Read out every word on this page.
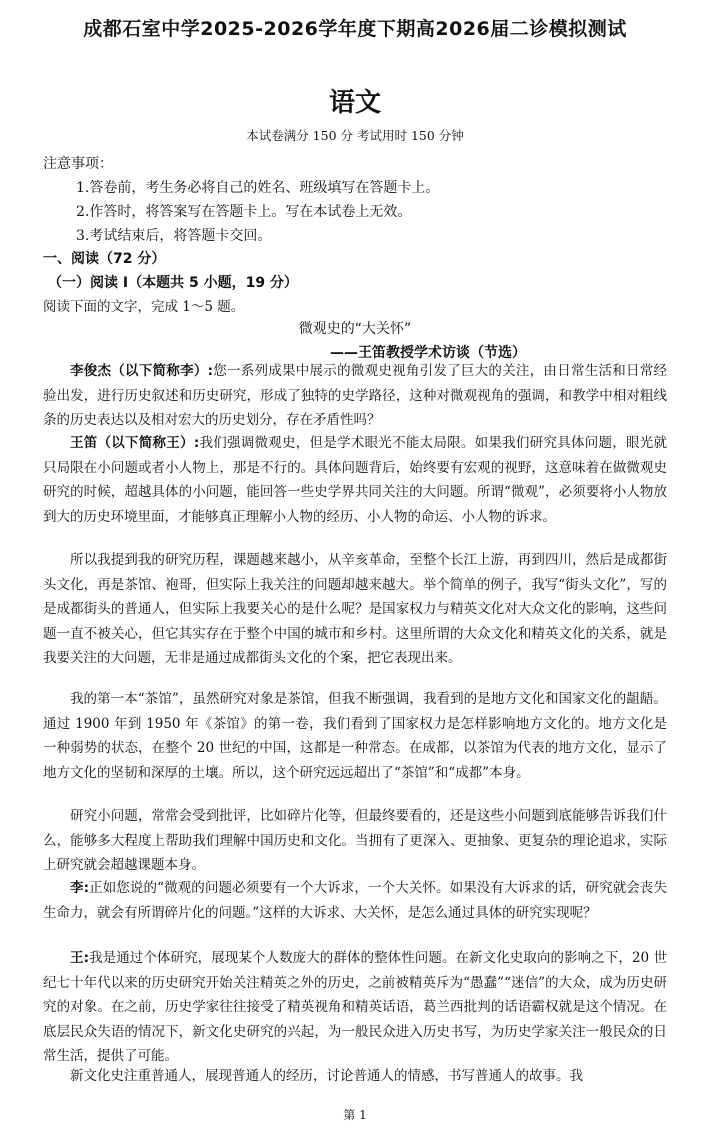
成都石室中学2025-2026学年度下期高2026届二诊模拟测试
语文
本试卷满分 150 分 考试用时 150 分钟
注意事项：
1.答卷前，考生务必将自己的姓名、班级填写在答题卡上。
2.作答时，将答案写在答题卡上。写在本试卷上无效。
3.考试结束后，将答题卡交回。
一、阅读（72 分）
（一）阅读 I（本题共 5 小题，19 分）
阅读下面的文字，完成 1～5 题。
微观史的“大关怀”
——王笛教授学术访谈（节选）

李俊杰（以下简称李）:您一系列成果中展示的微观史视角引发了巨大的关注，由日常生活和日常经验出发，进行历史叙述和历史研究，形成了独特的史学路径，这种对微观视角的强调，和教学中相对粗线条的历史表达以及相对宏大的历史划分，存在矛盾性吗？

王笛（以下简称王）:我们强调微观史，但是学术眼光不能太局限。如果我们研究具体问题，眼光就只局限在小问题或者小人物上，那是不行的。具体问题背后，始终要有宏观的视野，这意味着在做微观史研究的时候，超越具体的小问题，能回答一些史学界共同关注的大问题。所谓“微观”，必须要将小人物放到大的历史环境里面，才能够真正理解小人物的经历、小人物的命运、小人物的诉求。

所以我提到我的研究历程，课题越来越小，从辛亥革命，至整个长江上游，再到四川，然后是成都街头文化，再是茶馆、袍哥，但实际上我关注的问题却越来越大。举个简单的例子，我写“街头文化”，写的是成都街头的普通人，但实际上我要关心的是什么呢？是国家权力与精英文化对大众文化的影响，这些问题一直不被关心，但它其实存在于整个中国的城市和乡村。这里所谓的大众文化和精英文化的关系，就是我要关注的大问题，无非是通过成都街头文化的个案，把它表现出来。

我的第一本“茶馆”，虽然研究对象是茶馆，但我不断强调，我看到的是地方文化和国家文化的龃龉。通过 1900 年到 1950 年《茶馆》的第一卷，我们看到了国家权力是怎样影响地方文化的。地方文化是一种弱势的状态，在整个 20 世纪的中国，这都是一种常态。在成都，以茶馆为代表的地方文化，显示了地方文化的坚韧和深厚的土壤。所以，这个研究远远超出了“茶馆”和“成都”本身。

研究小问题，常常会受到批评，比如碎片化等，但最终要看的，还是这些小问题到底能够告诉我们什么，能够多大程度上帮助我们理解中国历史和文化。当拥有了更深入、更抽象、更复杂的理论追求，实际上研究就会超越课题本身。

李:正如您说的“微观的问题必须要有一个大诉求，一个大关怀。如果没有大诉求的话，研究就会丧失生命力，就会有所谓碎片化的问题。”这样的大诉求、大关怀，是怎么通过具体的研究实现呢？

王:我是通过个体研究，展现某个人数庞大的群体的整体性问题。在新文化史取向的影响之下，20 世纪七十年代以来的历史研究开始关注精英之外的历史，之前被精英斥为“愚蠢”“迷信”的大众，成为历史研究的对象。在之前，历史学家往往接受了精英视角和精英话语，葛兰西批判的话语霸权就是这个情况。在底层民众失语的情况下，新文化史研究的兴起，为一般民众进入历史书写，为历史学家关注一般民众的日常生活，提供了可能。

新文化史注重普通人，展现普通人的经历，讨论普通人的情感，书写普通人的故事。我

第 1
